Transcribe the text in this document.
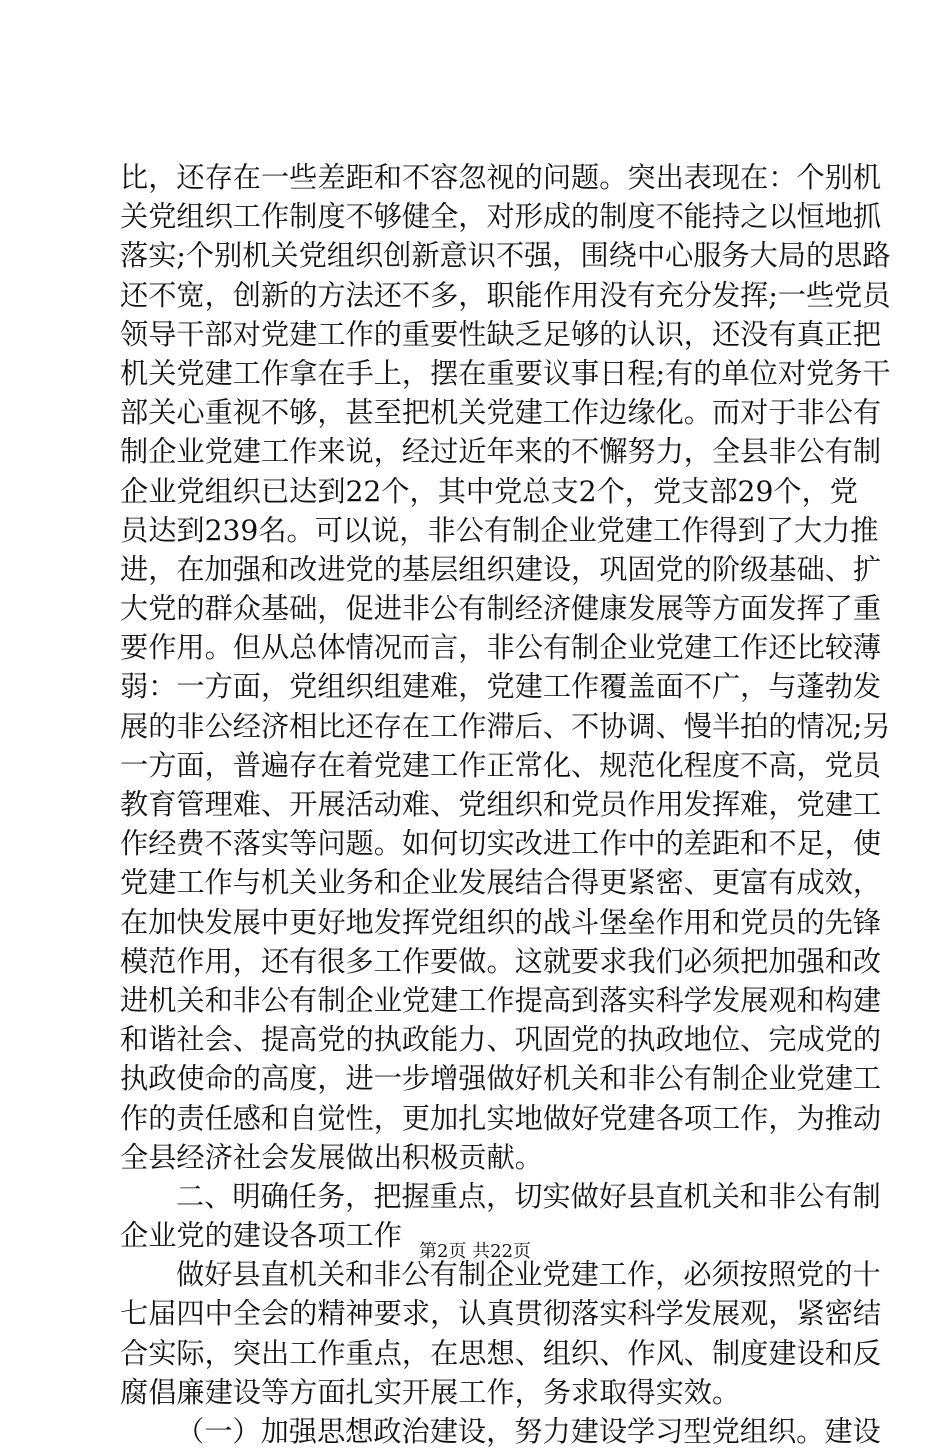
比，还存在一些差距和不容忽视的问题。突出表现在：个别机
关党组织工作制度不够健全，对形成的制度不能持之以恒地抓
落实;个别机关党组织创新意识不强，围绕中心服务大局的思路
还不宽，创新的方法还不多，职能作用没有充分发挥;一些党员
领导干部对党建工作的重要性缺乏足够的认识，还没有真正把
机关党建工作拿在手上，摆在重要议事日程;有的单位对党务干
部关心重视不够，甚至把机关党建工作边缘化。而对于非公有
制企业党建工作来说，经过近年来的不懈努力，全县非公有制
企业党组织已达到22个，其中党总支2个，党支部29个，党
员达到239名。可以说，非公有制企业党建工作得到了大力推
进，在加强和改进党的基层组织建设，巩固党的阶级基础、扩
大党的群众基础，促进非公有制经济健康发展等方面发挥了重
要作用。但从总体情况而言，非公有制企业党建工作还比较薄
弱：一方面，党组织组建难，党建工作覆盖面不广，与蓬勃发
展的非公经济相比还存在工作滞后、不协调、慢半拍的情况;另
一方面，普遍存在着党建工作正常化、规范化程度不高，党员
教育管理难、开展活动难、党组织和党员作用发挥难，党建工
作经费不落实等问题。如何切实改进工作中的差距和不足，使
党建工作与机关业务和企业发展结合得更紧密、更富有成效，
在加快发展中更好地发挥党组织的战斗堡垒作用和党员的先锋
模范作用，还有很多工作要做。这就要求我们必须把加强和改
进机关和非公有制企业党建工作提高到落实科学发展观和构建
和谐社会、提高党的执政能力、巩固党的执政地位、完成党的
执政使命的高度，进一步增强做好机关和非公有制企业党建工
作的责任感和自觉性，更加扎实地做好党建各项工作，为推动
全县经济社会发展做出积极贡献。
二、明确任务，把握重点，切实做好县直机关和非公有制
企业党的建设各项工作
做好县直机关和非公有制企业党建工作，必须按照党的十
七届四中全会的精神要求，认真贯彻落实科学发展观，紧密结
合实际，突出工作重点，在思想、组织、作风、制度建设和反
腐倡廉建设等方面扎实开展工作，务求取得实效。
（一）加强思想政治建设，努力建设学习型党组织。建设
第2页 共22页
